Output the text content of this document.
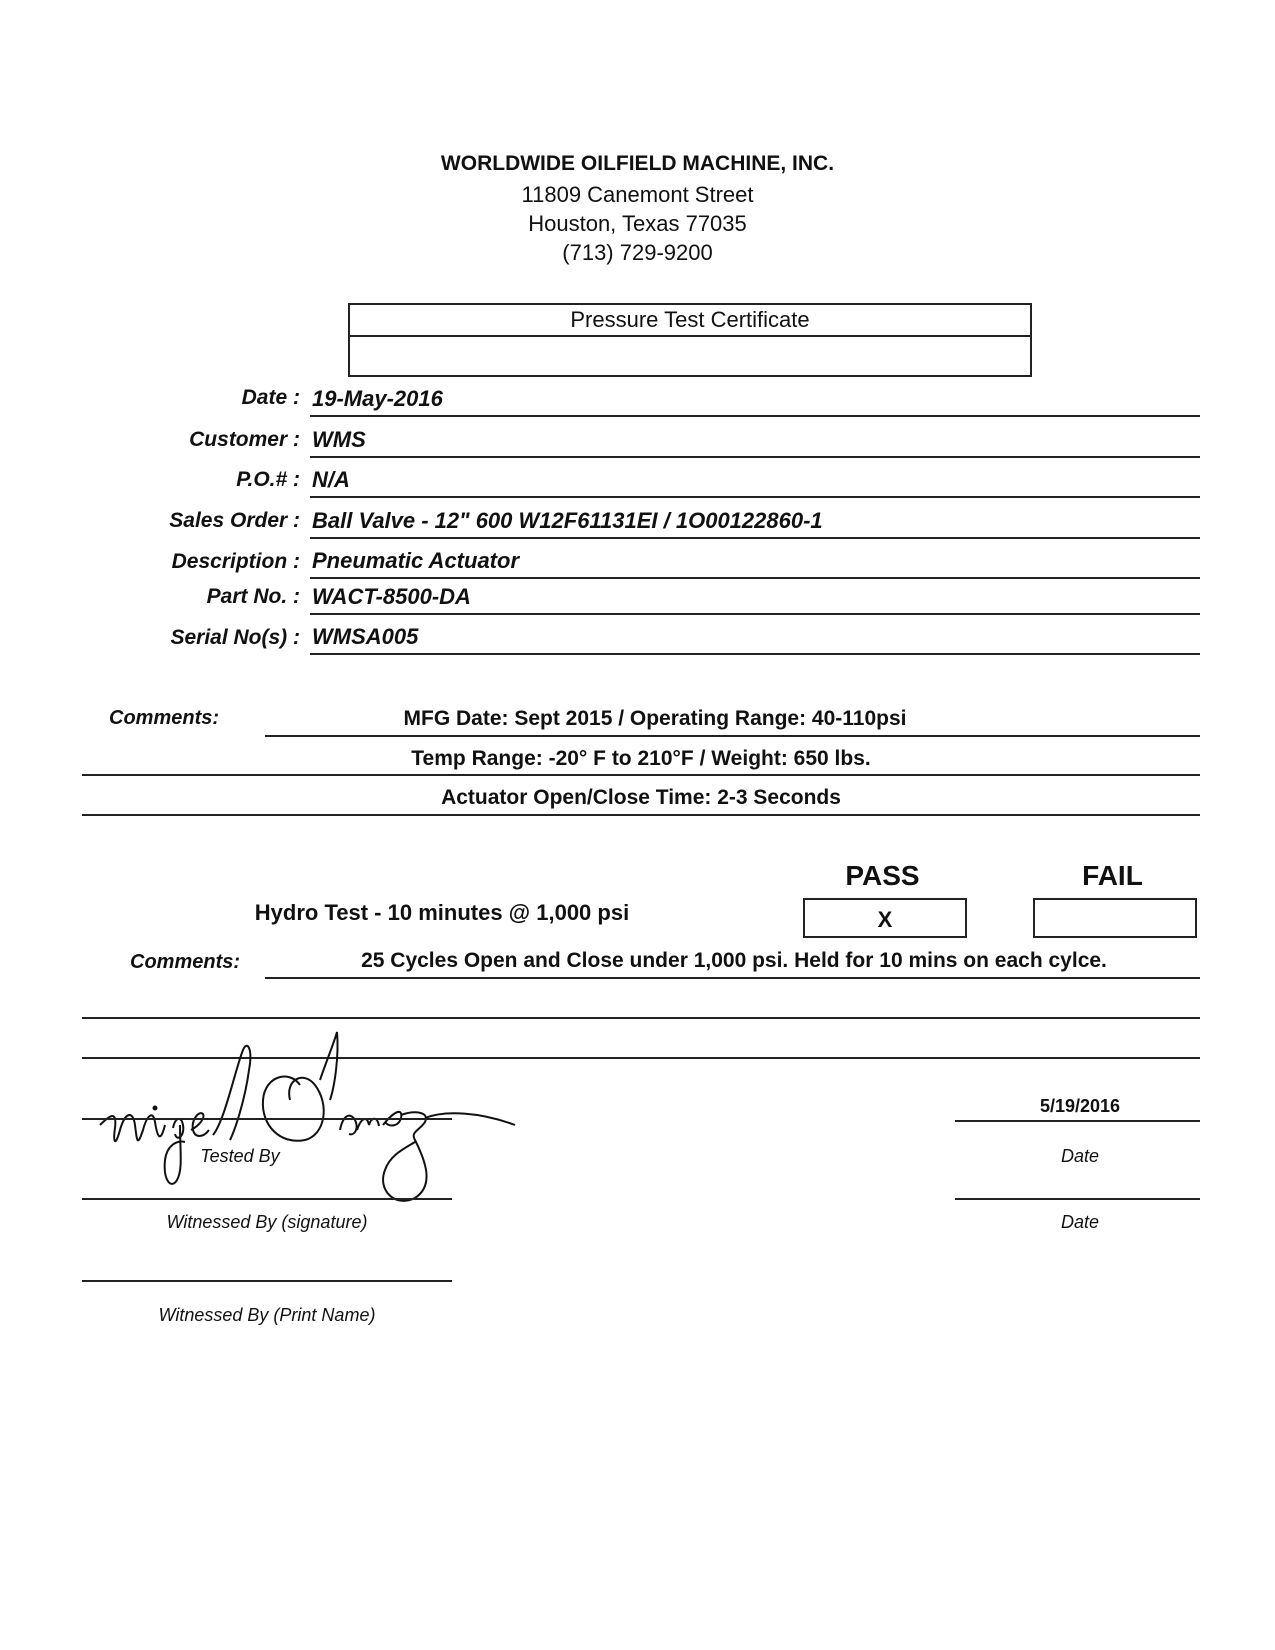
WORLDWIDE OILFIELD MACHINE, INC.
11809 Canemont Street
Houston, Texas 77035
(713) 729-9200
Pressure Test Certificate
Date : 19-May-2016
Customer : WMS
P.O.# : N/A
Sales Order : Ball Valve - 12" 600 W12F61131EI / 1O00122860-1
Description : Pneumatic Actuator
Part No. : WACT-8500-DA
Serial No(s) : WMSA005
Comments:	MFG Date: Sept 2015 / Operating Range: 40-110psi
Temp Range: -20° F to 210°F / Weight: 650 lbs.
Actuator Open/Close Time: 2-3 Seconds
PASS	FAIL
Hydro Test - 10 minutes @ 1,000 psi	X
Comments:	25 Cycles Open and Close under 1,000 psi. Held for 10 mins on each cylce.
Tested By
5/19/2016
Date
Witnessed By (signature)	Date
Witnessed By (Print Name)
